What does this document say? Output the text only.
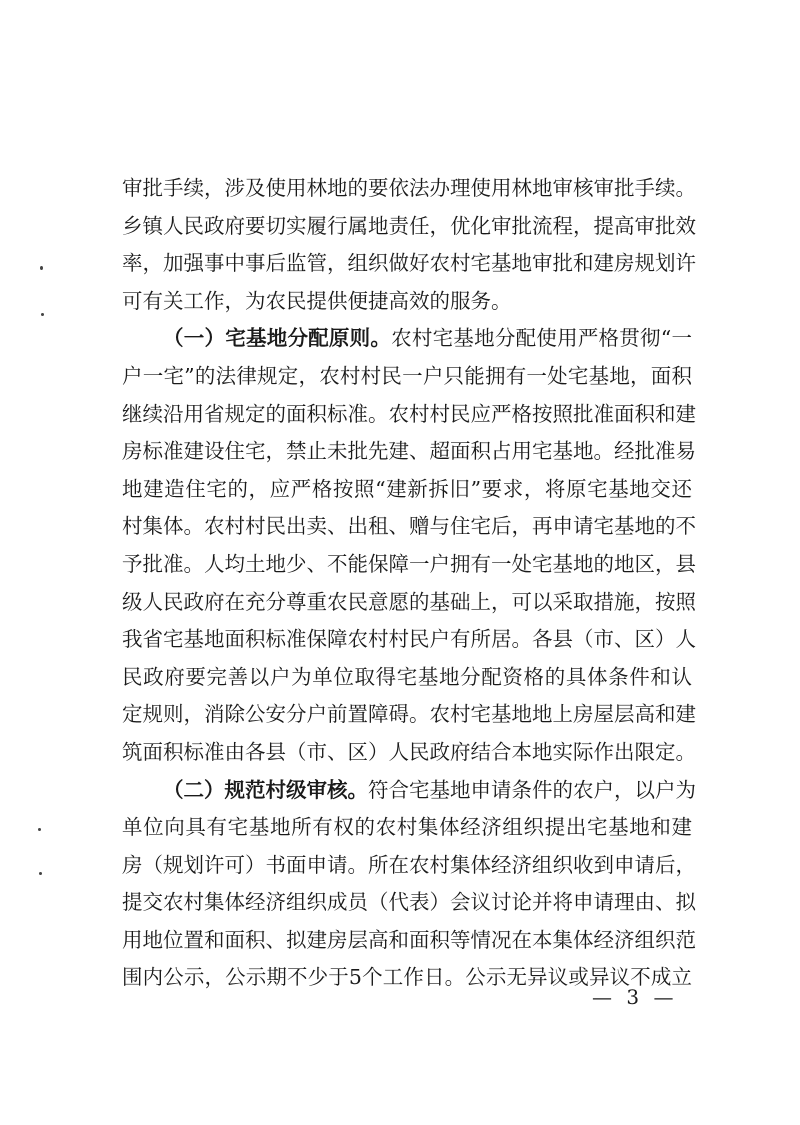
审批手续，涉及使用林地的要依法办理使用林地审核审批手续。
乡镇人民政府要切实履行属地责任，优化审批流程，提高审批效
率，加强事中事后监管，组织做好农村宅基地审批和建房规划许
可有关工作，为农民提供便捷高效的服务。
（一）宅基地分配原则。农村宅基地分配使用严格贯彻“一
户一宅”的法律规定，农村村民一户只能拥有一处宅基地，面积
继续沿用省规定的面积标准。农村村民应严格按照批准面积和建
房标准建设住宅，禁止未批先建、超面积占用宅基地。经批准易
地建造住宅的，应严格按照“建新拆旧”要求，将原宅基地交还
村集体。农村村民出卖、出租、赠与住宅后，再申请宅基地的不
予批准。人均土地少、不能保障一户拥有一处宅基地的地区，县
级人民政府在充分尊重农民意愿的基础上，可以采取措施，按照
我省宅基地面积标准保障农村村民户有所居。各县（市、区）人
民政府要完善以户为单位取得宅基地分配资格的具体条件和认
定规则，消除公安分户前置障碍。农村宅基地地上房屋层高和建
筑面积标准由各县（市、区）人民政府结合本地实际作出限定。
（二）规范村级审核。符合宅基地申请条件的农户，以户为
单位向具有宅基地所有权的农村集体经济组织提出宅基地和建
房（规划许可）书面申请。所在农村集体经济组织收到申请后，
提交农村集体经济组织成员（代表）会议讨论并将申请理由、拟
用地位置和面积、拟建房层高和面积等情况在本集体经济组织范
围内公示，公示期不少于5个工作日。公示无异议或异议不成立
— 3 —
